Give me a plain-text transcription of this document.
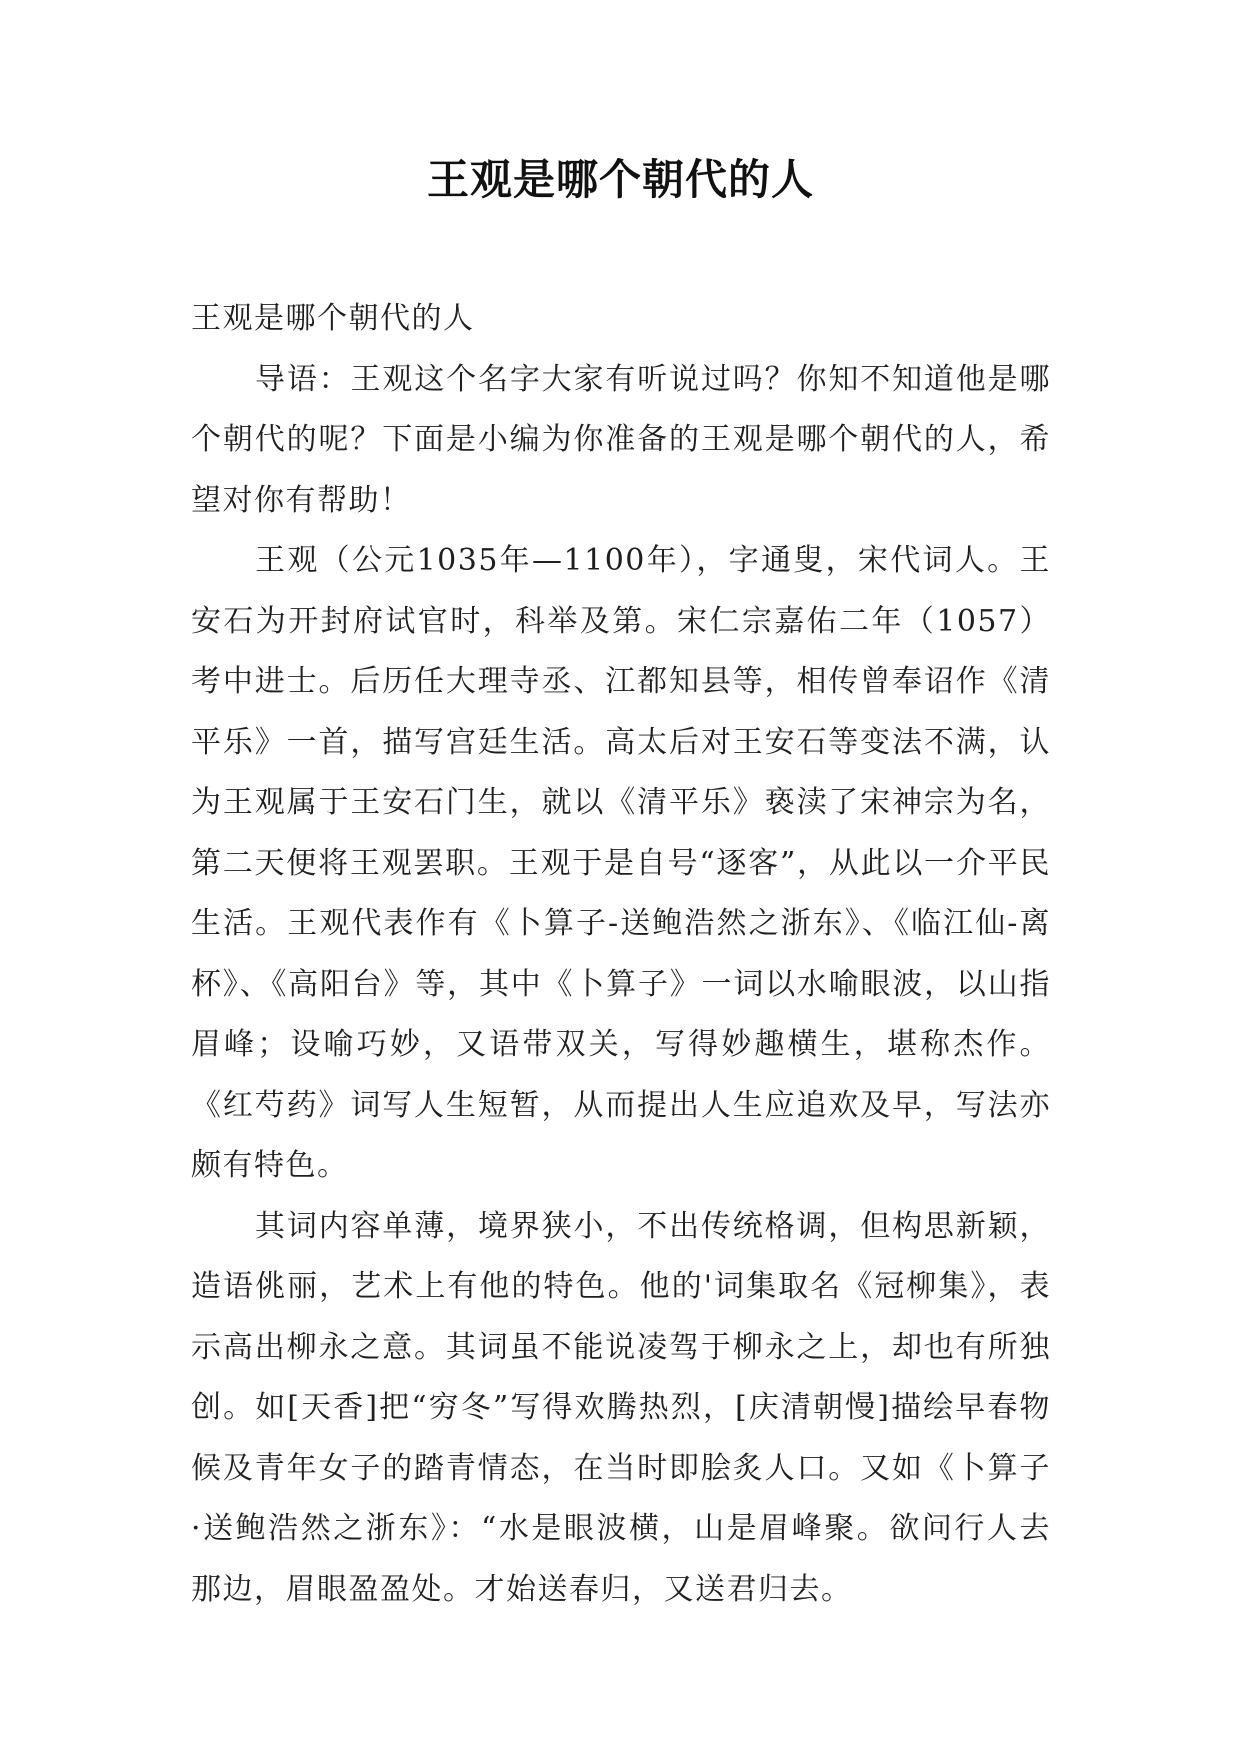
王观是哪个朝代的人

王观是哪个朝代的人

导语：王观这个名字大家有听说过吗？你知不知道他是哪个朝代的呢？下面是小编为你准备的王观是哪个朝代的人，希望对你有帮助！

王观（公元1035年—1100年），字通叟，宋代词人。王安石为开封府试官时，科举及第。宋仁宗嘉佑二年（1057）考中进士。后历任大理寺丞、江都知县等，相传曾奉诏作《清平乐》一首，描写宫廷生活。高太后对王安石等变法不满，认为王观属于王安石门生，就以《清平乐》亵渎了宋神宗为名，第二天便将王观罢职。王观于是自号“逐客”，从此以一介平民生活。王观代表作有《卜算子-送鲍浩然之浙东》、《临江仙-离杯》、《高阳台》等，其中《卜算子》一词以水喻眼波，以山指眉峰；设喻巧妙，又语带双关，写得妙趣横生，堪称杰作。《红芍药》词写人生短暂，从而提出人生应追欢及早，写法亦颇有特色。

其词内容单薄，境界狭小，不出传统格调，但构思新颖，造语佻丽，艺术上有他的特色。他的'词集取名《冠柳集》，表示高出柳永之意。其词虽不能说凌驾于柳永之上，却也有所独创。如[天香]把“穷冬”写得欢腾热烈，[庆清朝慢]描绘早春物候及青年女子的踏青情态，在当时即脍炙人口。又如《卜算子·送鲍浩然之浙东》：“水是眼波横，山是眉峰聚。欲问行人去那边，眉眼盈盈处。才始送春归，又送君归去。
